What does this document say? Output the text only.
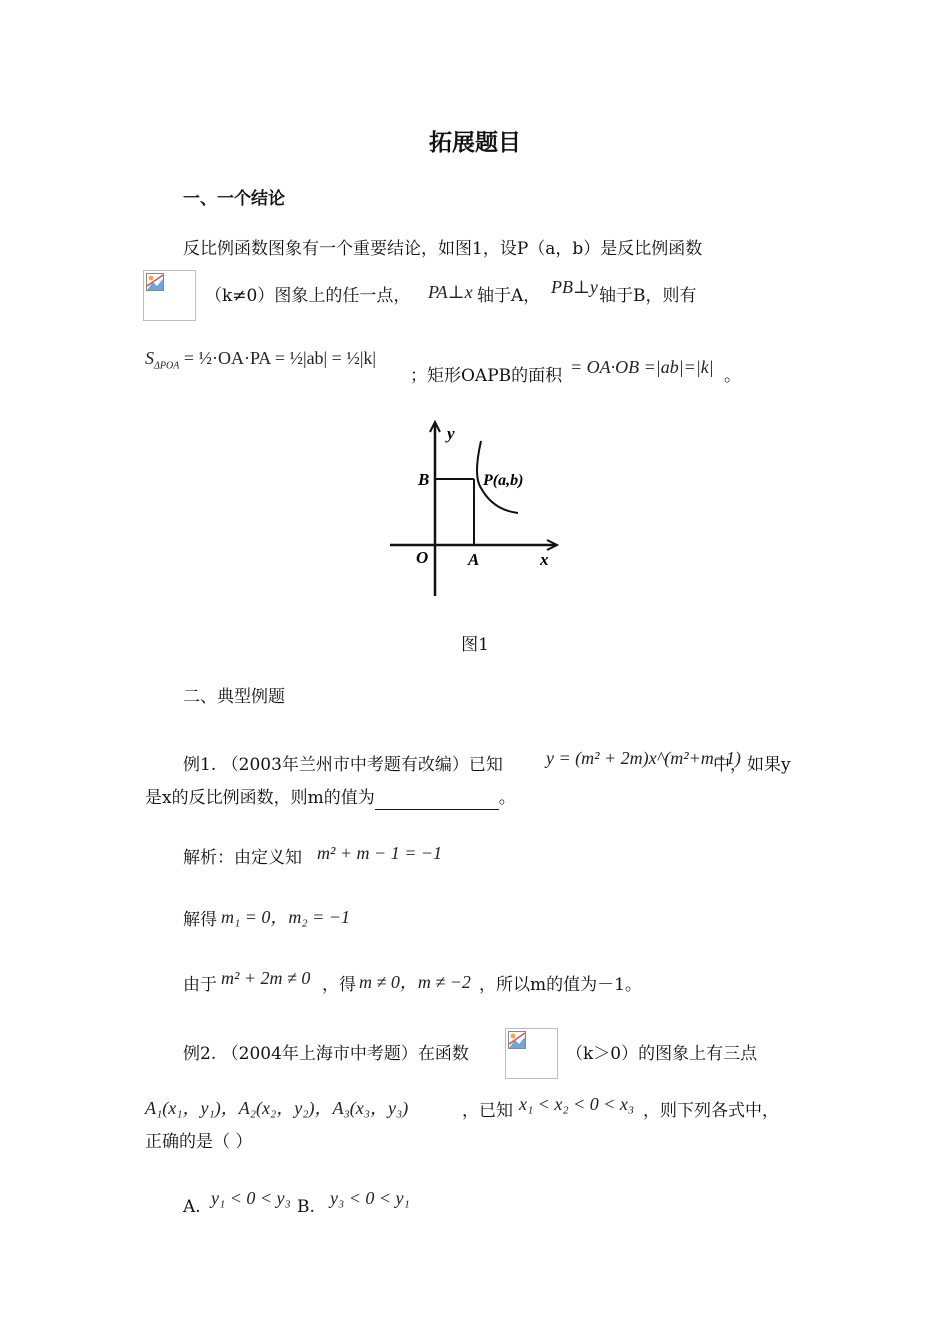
拓展题目
一、一个结论
反比例函数图象有一个重要结论，如图1，设P（a，b）是反比例函数
（k≠0）图象上的任一点， PA⊥x 轴于A， PB⊥y 轴于B，则有
$S_{\Delta POA}$ = ½·OA·PA = ½|ab| = ½|k|
；矩形OAPB的面积 = OA·OB =|ab|=|k| 。
y
x
O A
B	P(a,b)
图1
二、典型例题
例1. （2003年兰州市中考题有改编）已知 y = (m² + 2m)x^(m²+m−1)
中，如果y
是x的反比例函数，则m的值为	。
解析：由定义知 m² + m − 1 = −1
解得 m₁ = 0，m₂ = −1
由于 m² + 2m ≠ 0 ，得 m ≠ 0，m ≠ −2 ，所以m的值为－1。
例2. （2004年上海市中考题）在函数	（k＞0）的图象上有三点
A₁(x₁，y₁)，A₂(x₂，y₂)，A₃(x₃，y₃)	，已知 x₁ < x₂ < 0 < x₃ ，则下列各式中，
正确的是（ ）
A. y₁ < 0 < y₃ B. y₃ < 0 < y₁
